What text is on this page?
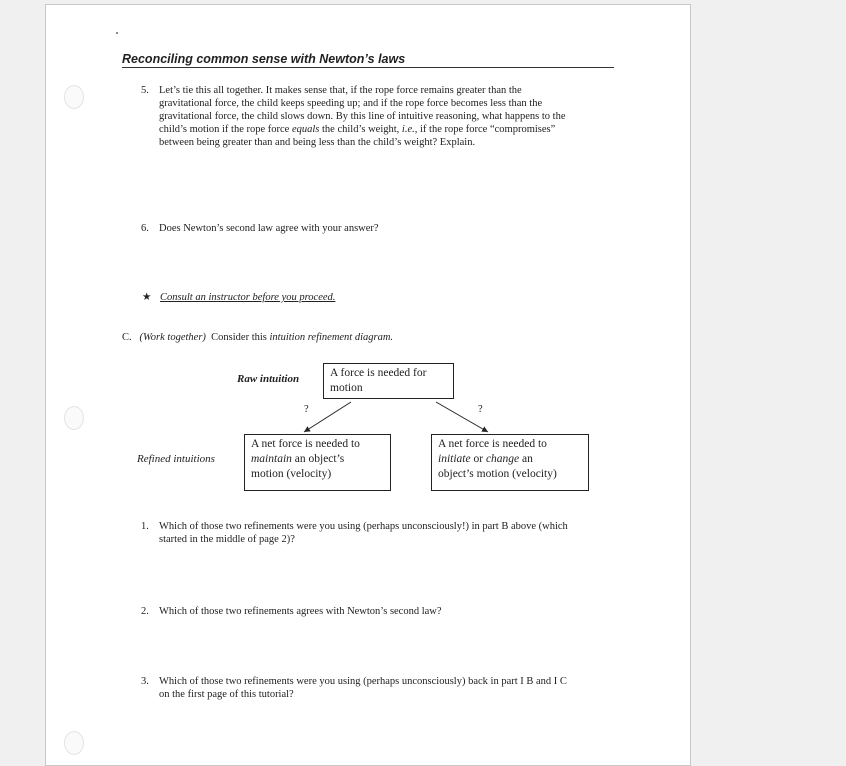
Reconciling common sense with Newton’s laws
5. Let’s tie this all together. It makes sense that, if the rope force remains greater than the
gravitational force, the child keeps speeding up; and if the rope force becomes less than the
gravitational force, the child slows down. By this line of intuitive reasoning, what happens to the
child’s motion if the rope force equals the child’s weight, i.e., if the rope force “compromises”
between being greater than and being less than the child’s weight? Explain.
6. Does Newton’s second law agree with your answer?
★ Consult an instructor before you proceed.
C. (Work together) Consider this intuition refinement diagram.
Raw intuition	A force is needed for
motion
?	?
Refined intuitions
A net force is needed to
maintain an object’s
motion (velocity)
A net force is needed to
initiate or change an
object’s motion (velocity)
1. Which of those two refinements were you using (perhaps unconsciously!) in part B above (which
started in the middle of page 2)?
2. Which of those two refinements agrees with Newton’s second law?
3. Which of those two refinements were you using (perhaps unconsciously) back in part I B and I C
on the first page of this tutorial?
